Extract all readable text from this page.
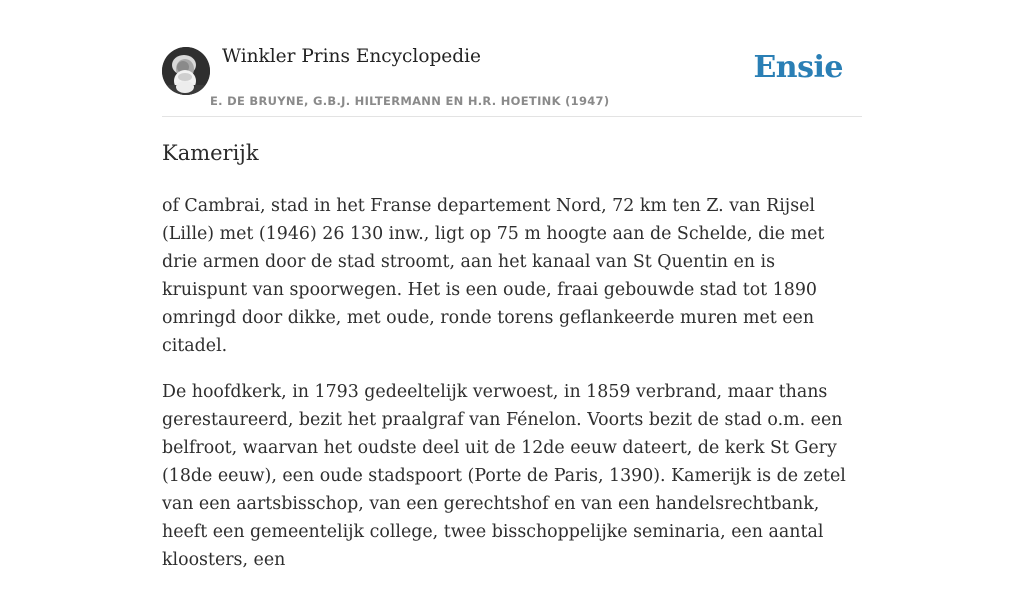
Winkler Prins Encyclopedie
E. DE BRUYNE, G.B.J. HILTERMANN EN H.R. HOETINK (1947)
Ensie
Kamerijk

of Cambrai, stad in het Franse departement Nord, 72 km ten Z. van Rijsel (Lille) met (1946) 26 130 inw., ligt op 75 m hoogte aan de Schelde, die met drie armen door de stad stroomt, aan het kanaal van St Quentin en is kruispunt van spoorwegen. Het is een oude, fraai gebouwde stad tot 1890 omringd door dikke, met oude, ronde torens geflankeerde muren met een citadel.

De hoofdkerk, in 1793 gedeeltelijk verwoest, in 1859 verbrand, maar thans gerestaureerd, bezit het praalgraf van Fénelon. Voorts bezit de stad o.m. een belfroot, waarvan het oudste deel uit de 12de eeuw dateert, de kerk St Gery (18de eeuw), een oude stadspoort (Porte de Paris, 1390). Kamerijk is de zetel van een aartsbisschop, van een gerechtshof en van een handelsrechtbank, heeft een gemeentelijk college, twee bisschoppelijke seminaria, een aantal kloosters, een
